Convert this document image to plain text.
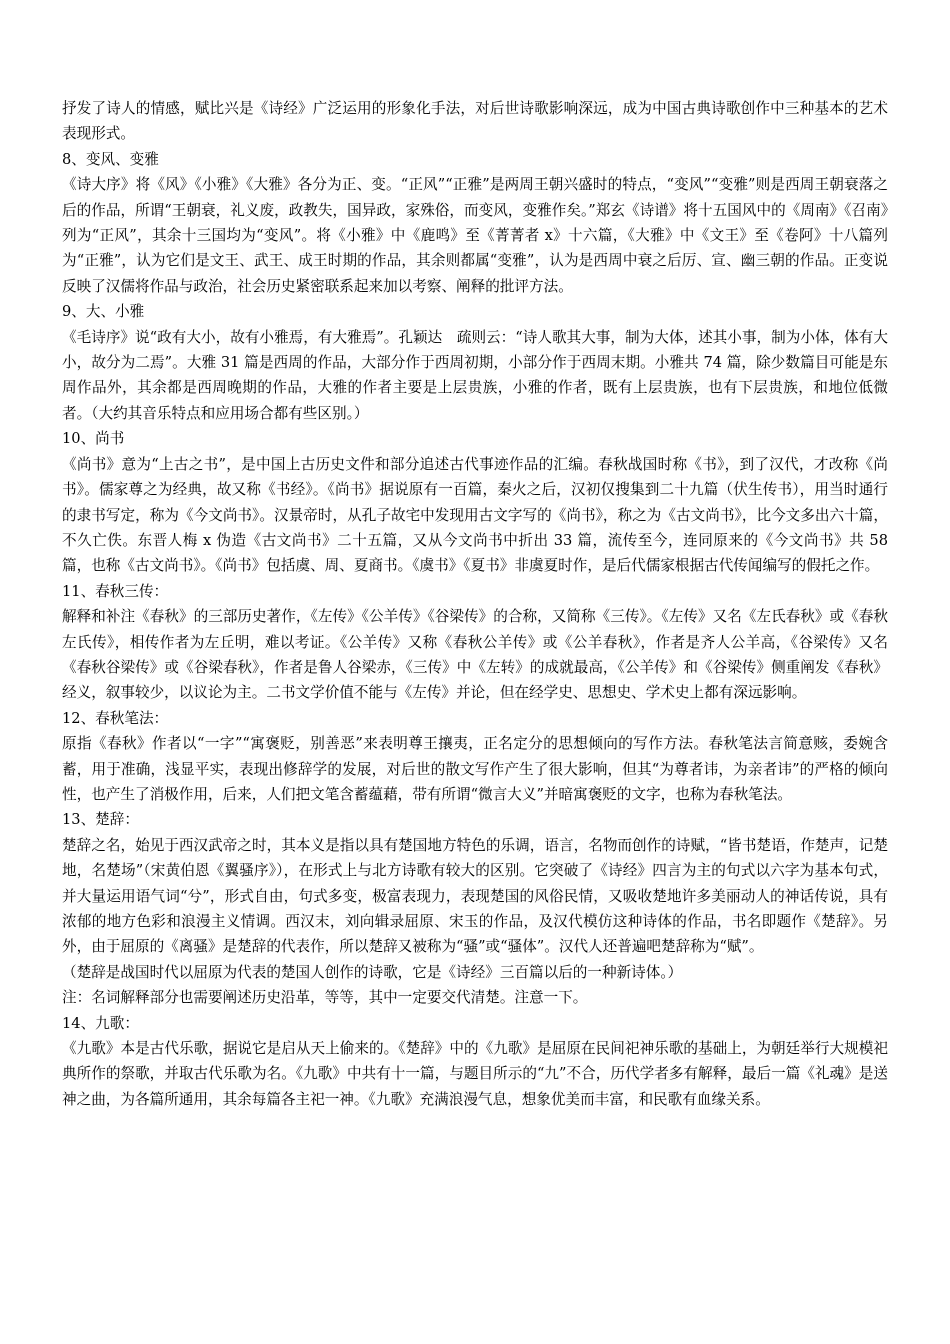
抒发了诗人的情感，赋比兴是《诗经》广泛运用的形象化手法，对后世诗歌影响深远，成为中国古典诗歌创作中三种基本的艺术表现形式。

8、变风、变雅

《诗大序》将《风》《小雅》《大雅》各分为正、变。“正风”“正雅”是两周王朝兴盛时的特点，“变风”“变雅”则是西周王朝衰落之后的作品，所谓“王朝衰，礼义废，政教失，国异政，家殊俗，而变风，变雅作矣。”郑玄《诗谱》将十五国风中的《周南》《召南》列为“正风”，其余十三国均为“变风”。将《小雅》中《鹿鸣》至《菁菁者 x》十六篇，《大雅》中《文王》至《卷阿》十八篇列为“正雅”，认为它们是文王、武王、成王时期的作品，其余则都属“变雅”，认为是西周中衰之后厉、宣、幽三朝的作品。正变说反映了汉儒将作品与政治，社会历史紧密联系起来加以考察、阐释的批评方法。

9、大、小雅

《毛诗序》说“政有大小，故有小雅焉，有大雅焉”。孔颖达　疏则云：“诗人歌其大事，制为大体，述其小事，制为小体，体有大小，故分为二焉”。大雅 31 篇是西周的作品，大部分作于西周初期，小部分作于西周末期。小雅共 74 篇，除少数篇目可能是东周作品外，其余都是西周晚期的作品，大雅的作者主要是上层贵族，小雅的作者，既有上层贵族，也有下层贵族，和地位低微者。（大约其音乐特点和应用场合都有些区别。）

10、尚书

《尚书》意为“上古之书”，是中国上古历史文件和部分追述古代事迹作品的汇编。春秋战国时称《书》，到了汉代，才改称《尚书》。儒家尊之为经典，故又称《书经》。《尚书》据说原有一百篇，秦火之后，汉初仅搜集到二十九篇（伏生传书），用当时通行的隶书写定，称为《今文尚书》。汉景帝时，从孔子故宅中发现用古文字写的《尚书》，称之为《古文尚书》，比今文多出六十篇，不久亡佚。东晋人梅 x 伪造《古文尚书》二十五篇，又从今文尚书中折出 33 篇，流传至今，连同原来的《今文尚书》共 58 篇，也称《古文尚书》。《尚书》包括虞、周、夏商书。《虞书》《夏书》非虞夏时作，是后代儒家根据古代传闻编写的假托之作。

11、春秋三传：

解释和补注《春秋》的三部历史著作，《左传》《公羊传》《谷梁传》的合称，又简称《三传》。《左传》又名《左氏春秋》或《春秋左氏传》，相传作者为左丘明，难以考证。《公羊传》又称《春秋公羊传》或《公羊春秋》，作者是齐人公羊高，《谷梁传》又名《春秋谷梁传》或《谷梁春秋》，作者是鲁人谷梁赤，《三传》中《左转》的成就最高，《公羊传》和《谷梁传》侧重阐发《春秋》经义，叙事较少，以议论为主。二书文学价值不能与《左传》并论，但在经学史、思想史、学术史上都有深远影响。

12、春秋笔法：

原指《春秋》作者以“一字”“寓褒贬，别善恶”来表明尊王攘夷，正名定分的思想倾向的写作方法。春秋笔法言简意赅，委婉含蓄，用于准确，浅显平实，表现出修辞学的发展，对后世的散文写作产生了很大影响，但其“为尊者讳，为亲者讳”的严格的倾向性，也产生了消极作用，后来，人们把文笔含蓄蕴藉，带有所谓“微言大义”并暗寓褒贬的文字，也称为春秋笔法。

13、楚辞：

楚辞之名，始见于西汉武帝之时，其本义是指以具有楚国地方特色的乐调，语言，名物而创作的诗赋，“皆书楚语，作楚声，记楚地，名楚场”（宋黄伯恩《翼骚序》），在形式上与北方诗歌有较大的区别。它突破了《诗经》四言为主的句式以六字为基本句式，并大量运用语气词“兮”，形式自由，句式多变，极富表现力，表现楚国的风俗民情，又吸收楚地许多美丽动人的神话传说，具有浓郁的地方色彩和浪漫主义情调。西汉末，刘向辑录屈原、宋玉的作品，及汉代模仿这种诗体的作品，书名即题作《楚辞》。另外，由于屈原的《离骚》是楚辞的代表作，所以楚辞又被称为“骚”或“骚体”。汉代人还普遍吧楚辞称为“赋”。

（楚辞是战国时代以屈原为代表的楚国人创作的诗歌，它是《诗经》三百篇以后的一种新诗体。）

注：名词解释部分也需要阐述历史沿革，等等，其中一定要交代清楚。注意一下。

14、九歌：

《九歌》本是古代乐歌，据说它是启从天上偷来的。《楚辞》中的《九歌》是屈原在民间祀神乐歌的基础上，为朝廷举行大规模祀典所作的祭歌，并取古代乐歌为名。《九歌》中共有十一篇，与题目所示的“九”不合，历代学者多有解释，最后一篇《礼魂》是送神之曲，为各篇所通用，其余每篇各主祀一神。《九歌》充满浪漫气息，想象优美而丰富，和民歌有血缘关系。
